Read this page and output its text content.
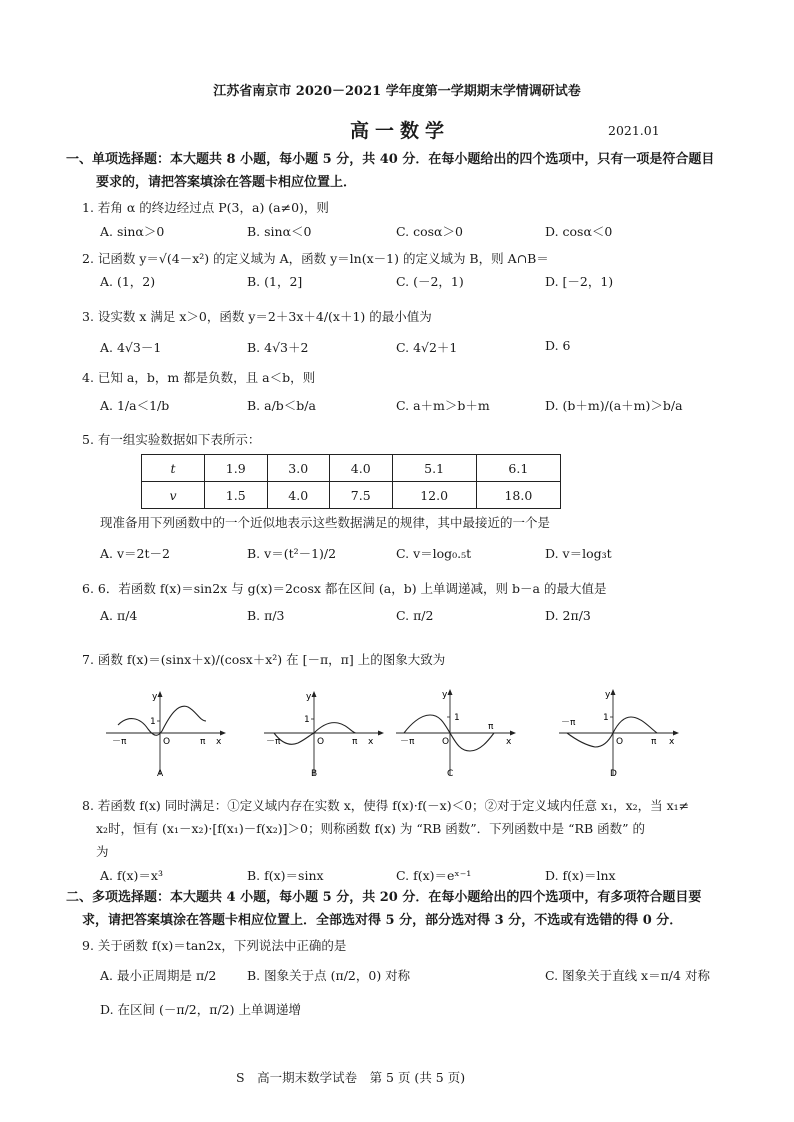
江苏省南京市 2020－2021 学年度第一学期期末学情调研试卷
高一数学	2021.01
一、单项选择题：本大题共 8 小题，每小题 5 分，共 40 分．在每小题给出的四个选项中，只有一项是符合题目
要求的，请把答案填涂在答题卡相应位置上．
1. 若角 α 的终边经过点 P(3，a) (a≠0)，则
A. sinα＞0	B. sinα＜0	C. cosα＞0	D. cosα＜0
2. 记函数 y＝√(4－x²) 的定义域为 A，函数 y＝ln(x－1) 的定义域为 B，则 A∩B＝
A. (1，2)	B. (1，2]	C. (－2，1)	D. [－2，1)
3. 设实数 x 满足 x＞0，函数 y＝2＋3x＋4/(x＋1) 的最小值为
A. 4√3－1	B. 4√3＋2	C. 4√2＋1	D. 6
4. 已知 a，b，m 都是负数，且 a＜b，则
A. 1/a＜1/b	B. a/b＜b/a	C. a＋m＞b＋m	D. (b＋m)/(a＋m)＞b/a
5. 有一组实验数据如下表所示：
t	1.9	3.0	4.0	5.1	6.1
v	1.5	4.0	7.5	12.0	18.0
现准备用下列函数中的一个近似地表示这些数据满足的规律，其中最接近的一个是
A. v＝2t－2	B. v＝(t²－1)/2	C. v＝log₀.₅t	D. v＝log₃t
6. 6．若函数 f(x)＝sin2x 与 g(x)＝2cosx 都在区间 (a，b) 上单调递减，则 b－a 的最大值是
A. π/4	B. π/3	C. π/2	D. 2π/3
7. 函数 f(x)＝(sinx＋x)/(cosx＋x²) 在 [－π，π] 上的图象大致为
y
1
－π	O	π x
A
y
1
－π	O	π x
B
y
1
－π	O
π
x
C
y
1
－π
O	π x
D
8. 若函数 f(x) 同时满足：①定义域内存在实数 x，使得 f(x)·f(－x)＜0；②对于定义域内任意 x₁，x₂，当 x₁≠
x₂时，恒有 (x₁－x₂)·[f(x₁)－f(x₂)]＞0；则称函数 f(x) 为 “RB 函数”．下列函数中是 “RB 函数” 的
为
A. f(x)＝x³	B. f(x)＝sinx	C. f(x)＝eˣ⁻¹	D. f(x)＝lnx
二、多项选择题：本大题共 4 小题，每小题 5 分，共 20 分．在每小题给出的四个选项中，有多项符合题目要
求，请把答案填涂在答题卡相应位置上．全部选对得 5 分，部分选对得 3 分，不选或有选错的得 0 分．
9. 关于函数 f(x)＝tan2x，下列说法中正确的是
A. 最小正周期是 π/2 B. 图象关于点 (π/2，0) 对称	C. 图象关于直线 x＝π/4 对称
D. 在区间 (－π/2，π/2) 上单调递增
S　高一期末数学试卷　第 5 页 (共 5 页)
